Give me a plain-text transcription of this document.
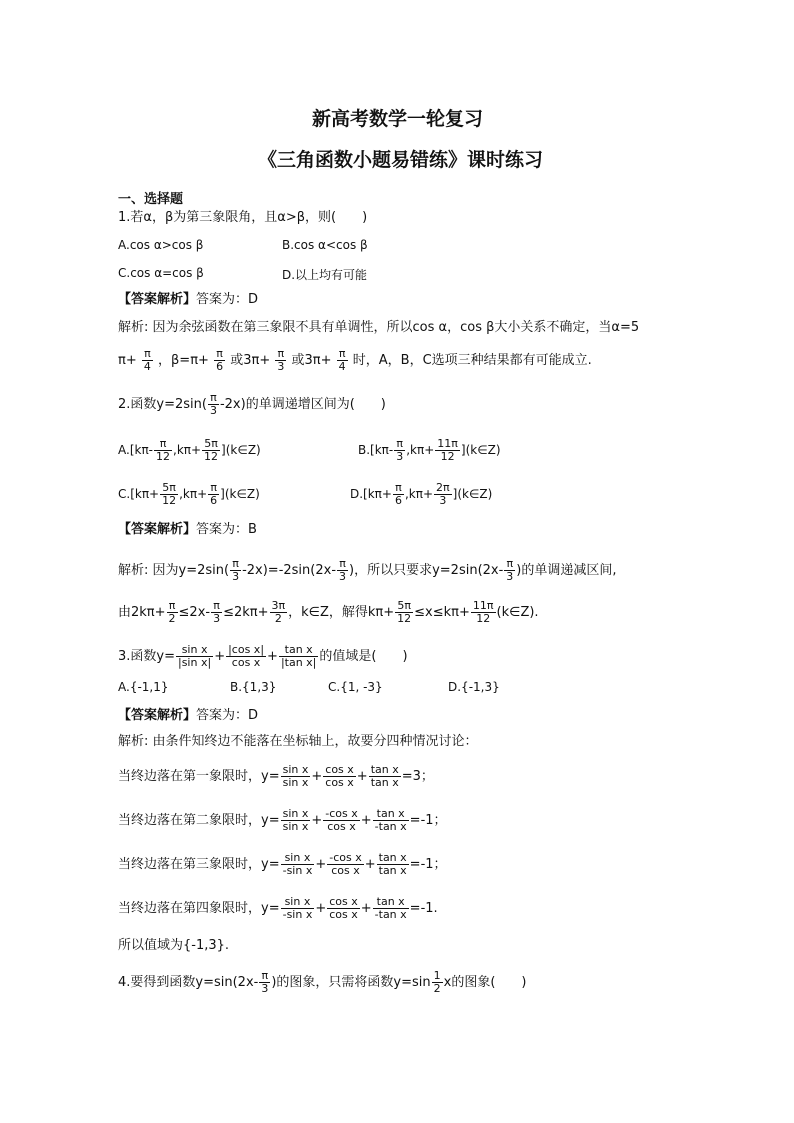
新高考数学一轮复习
《三角函数小题易错练》课时练习
一、选择题
1.若α，β为第三象限角，且α>β，则(　　)
A.cos α>cos β	B.cos α<cos β
C.cos α=cos β	D.以上均有可能
【答案解析】答案为：D
解析: 因为余弦函数在第三象限不具有单调性，所以cos α，cos β大小关系不确定，当α=5
$\pi+ \frac{\pi}{4}$ ，$\beta=\pi+ \frac{\pi}{6}$ 或$3\pi+ \frac{\pi}{3}$ 或$3\pi+ \frac{\pi}{4}$ 时，A，B，C选项三种结果都有可能成立.
2.函数$y=2\sin( \frac{\pi}{3} -2x)$的单调递增区间为(　　)
$A.[k\pi- \frac{\pi}{12} ,k\pi+ \frac{5\pi}{12}$ ](k∈Z)	$B.[k\pi- \frac{\pi}{3} ,k\pi+ \frac{11\pi}{12}$ ](k∈Z)
$C.[k\pi+ \frac{5\pi}{12} ,k\pi+ \frac{\pi}{6}$ ](k∈Z)	$D.[k\pi+ \frac{\pi}{6} ,k\pi+ \frac{2\pi}{3}$ ](k∈Z)
【答案解析】答案为：B
解析: 因为$y=2\sin( \frac{\pi}{3} -2x)=-2\sin(2x- \frac{\pi}{3}$ )，所以只要求$y=2\sin(2x- \frac{\pi}{3}$ )的单调递减区间,
由$2k\pi+ \frac{\pi}{2} \le 2x- \frac{\pi}{3} \le 2k\pi+ \frac{3\pi}{2}$ ，k∈Z，解得$k\pi+ \frac{5\pi}{12} \le x\le k\pi+ \frac{11\pi}{12}$ (k∈Z).
3.函数$y= \frac{\text{sin x}}{\text{|sin x|}} + \frac{\text{|cos x|}}{\text{cos x}} + \frac{\text{tan x}}{\text{|tan x|}}$ 的值域是(　　)
A.{-1,1}	B.{1,3}	C.{1, -3}	D.{-1,3}
【答案解析】答案为：D
解析: 由条件知终边不能落在坐标轴上，故要分四种情况讨论：
当终边落在第一象限时，$y= \frac{\text{sin x}}{\text{sin x}} + \frac{\text{cos x}}{\text{cos x}} + \frac{\text{tan x}}{\text{tan x}} =3$；
当终边落在第二象限时，$y= \frac{\text{sin x}}{\text{sin x}} + \frac{\text{-cos x}}{\text{cos x}} + \frac{\text{tan x}}{\text{-tan x}} =-1$；
当终边落在第三象限时，$y= \frac{\text{sin x}}{\text{-sin x}} + \frac{\text{-cos x}}{\text{cos x}} + \frac{\text{tan x}}{\text{tan x}} =-1$；
当终边落在第四象限时，$y= \frac{\text{sin x}}{\text{-sin x}} + \frac{\text{cos x}}{\text{cos x}} + \frac{\text{tan x}}{\text{-tan x}} =-1$.
所以值域为{-1,3}.
4.要得到函数$y=\sin(2x- \frac{\pi}{3}$ )的图象，只需将函数$y=\sin \frac{1}{2}$ x的图象(　　)
